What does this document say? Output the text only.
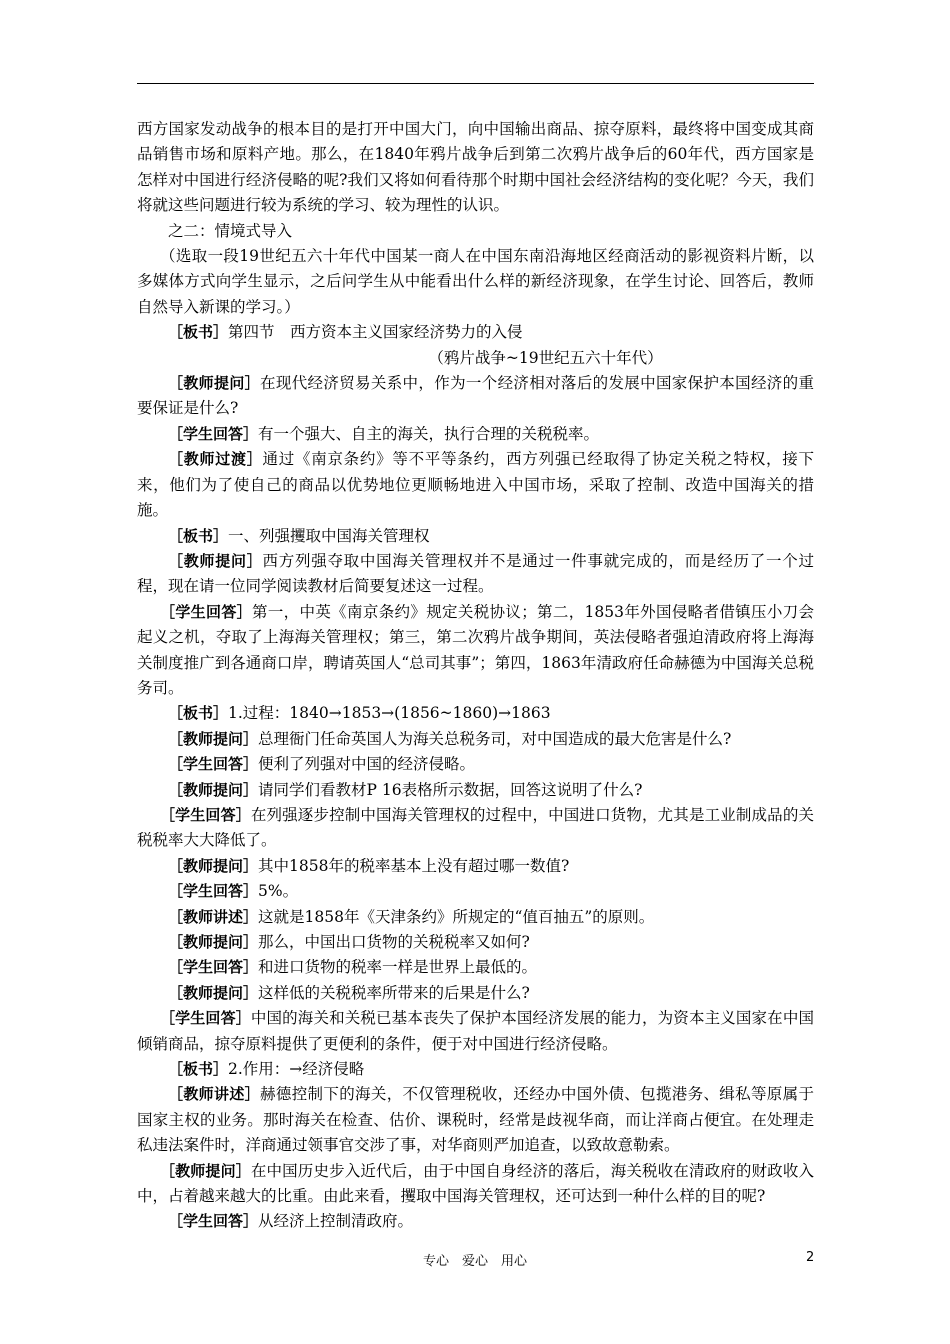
西方国家发动战争的根本目的是打开中国大门，向中国输出商品、掠夺原料，最终将中国变成其商品销售市场和原料产地。那么，在1840年鸦片战争后到第二次鸦片战争后的60年代，西方国家是怎样对中国进行经济侵略的呢?我们又将如何看待那个时期中国社会经济结构的变化呢？今天，我们将就这些问题进行较为系统的学习、较为理性的认识。

之二：情境式导入

（选取一段19世纪五六十年代中国某一商人在中国东南沿海地区经商活动的影视资料片断，以多媒体方式向学生显示，之后问学生从中能看出什么样的新经济现象，在学生讨论、回答后，教师自然导入新课的学习。）

［板书］第四节　西方资本主义国家经济势力的入侵

（鸦片战争~19世纪五六十年代）

［教师提问］在现代经济贸易关系中，作为一个经济相对落后的发展中国家保护本国经济的重要保证是什么?

［学生回答］有一个强大、自主的海关，执行合理的关税税率。

［教师过渡］通过《南京条约》等不平等条约，西方列强已经取得了协定关税之特权，接下来，他们为了使自己的商品以优势地位更顺畅地进入中国市场，采取了控制、改造中国海关的措施。

［板书］一、列强攫取中国海关管理权

［教师提问］西方列强夺取中国海关管理权并不是通过一件事就完成的，而是经历了一个过程，现在请一位同学阅读教材后简要复述这一过程。

［学生回答］第一，中英《南京条约》规定关税协议；第二，1853年外国侵略者借镇压小刀会起义之机，夺取了上海海关管理权；第三，第二次鸦片战争期间，英法侵略者强迫清政府将上海海关制度推广到各通商口岸，聘请英国人“总司其事”；第四，1863年清政府任命赫德为中国海关总税务司。

［板书］1.过程：1840→1853→(1856~1860)→1863

［教师提问］总理衙门任命英国人为海关总税务司，对中国造成的最大危害是什么?

［学生回答］便利了列强对中国的经济侵略。

［教师提问］请同学们看教材P 16表格所示数据，回答这说明了什么?

［学生回答］在列强逐步控制中国海关管理权的过程中，中国进口货物，尤其是工业制成品的关税税率大大降低了。

［教师提问］其中1858年的税率基本上没有超过哪一数值?

［学生回答］5%。

［教师讲述］这就是1858年《天津条约》所规定的“值百抽五”的原则。

［教师提问］那么，中国出口货物的关税税率又如何?

［学生回答］和进口货物的税率一样是世界上最低的。

［教师提问］这样低的关税税率所带来的后果是什么?

［学生回答］中国的海关和关税已基本丧失了保护本国经济发展的能力，为资本主义国家在中国倾销商品，掠夺原料提供了更便利的条件，便于对中国进行经济侵略。

［板书］2.作用：→经济侵略

［教师讲述］赫德控制下的海关，不仅管理税收，还经办中国外债、包揽港务、缉私等原属于国家主权的业务。那时海关在检查、估价、课税时，经常是歧视华商，而让洋商占便宜。在处理走私违法案件时，洋商通过领事官交涉了事，对华商则严加追查，以致故意勒索。

［教师提问］在中国历史步入近代后，由于中国自身经济的落后，海关税收在清政府的财政收入中，占着越来越大的比重。由此来看，攫取中国海关管理权，还可达到一种什么样的目的呢?

［学生回答］从经济上控制清政府。

专心　爱心　用心	2
